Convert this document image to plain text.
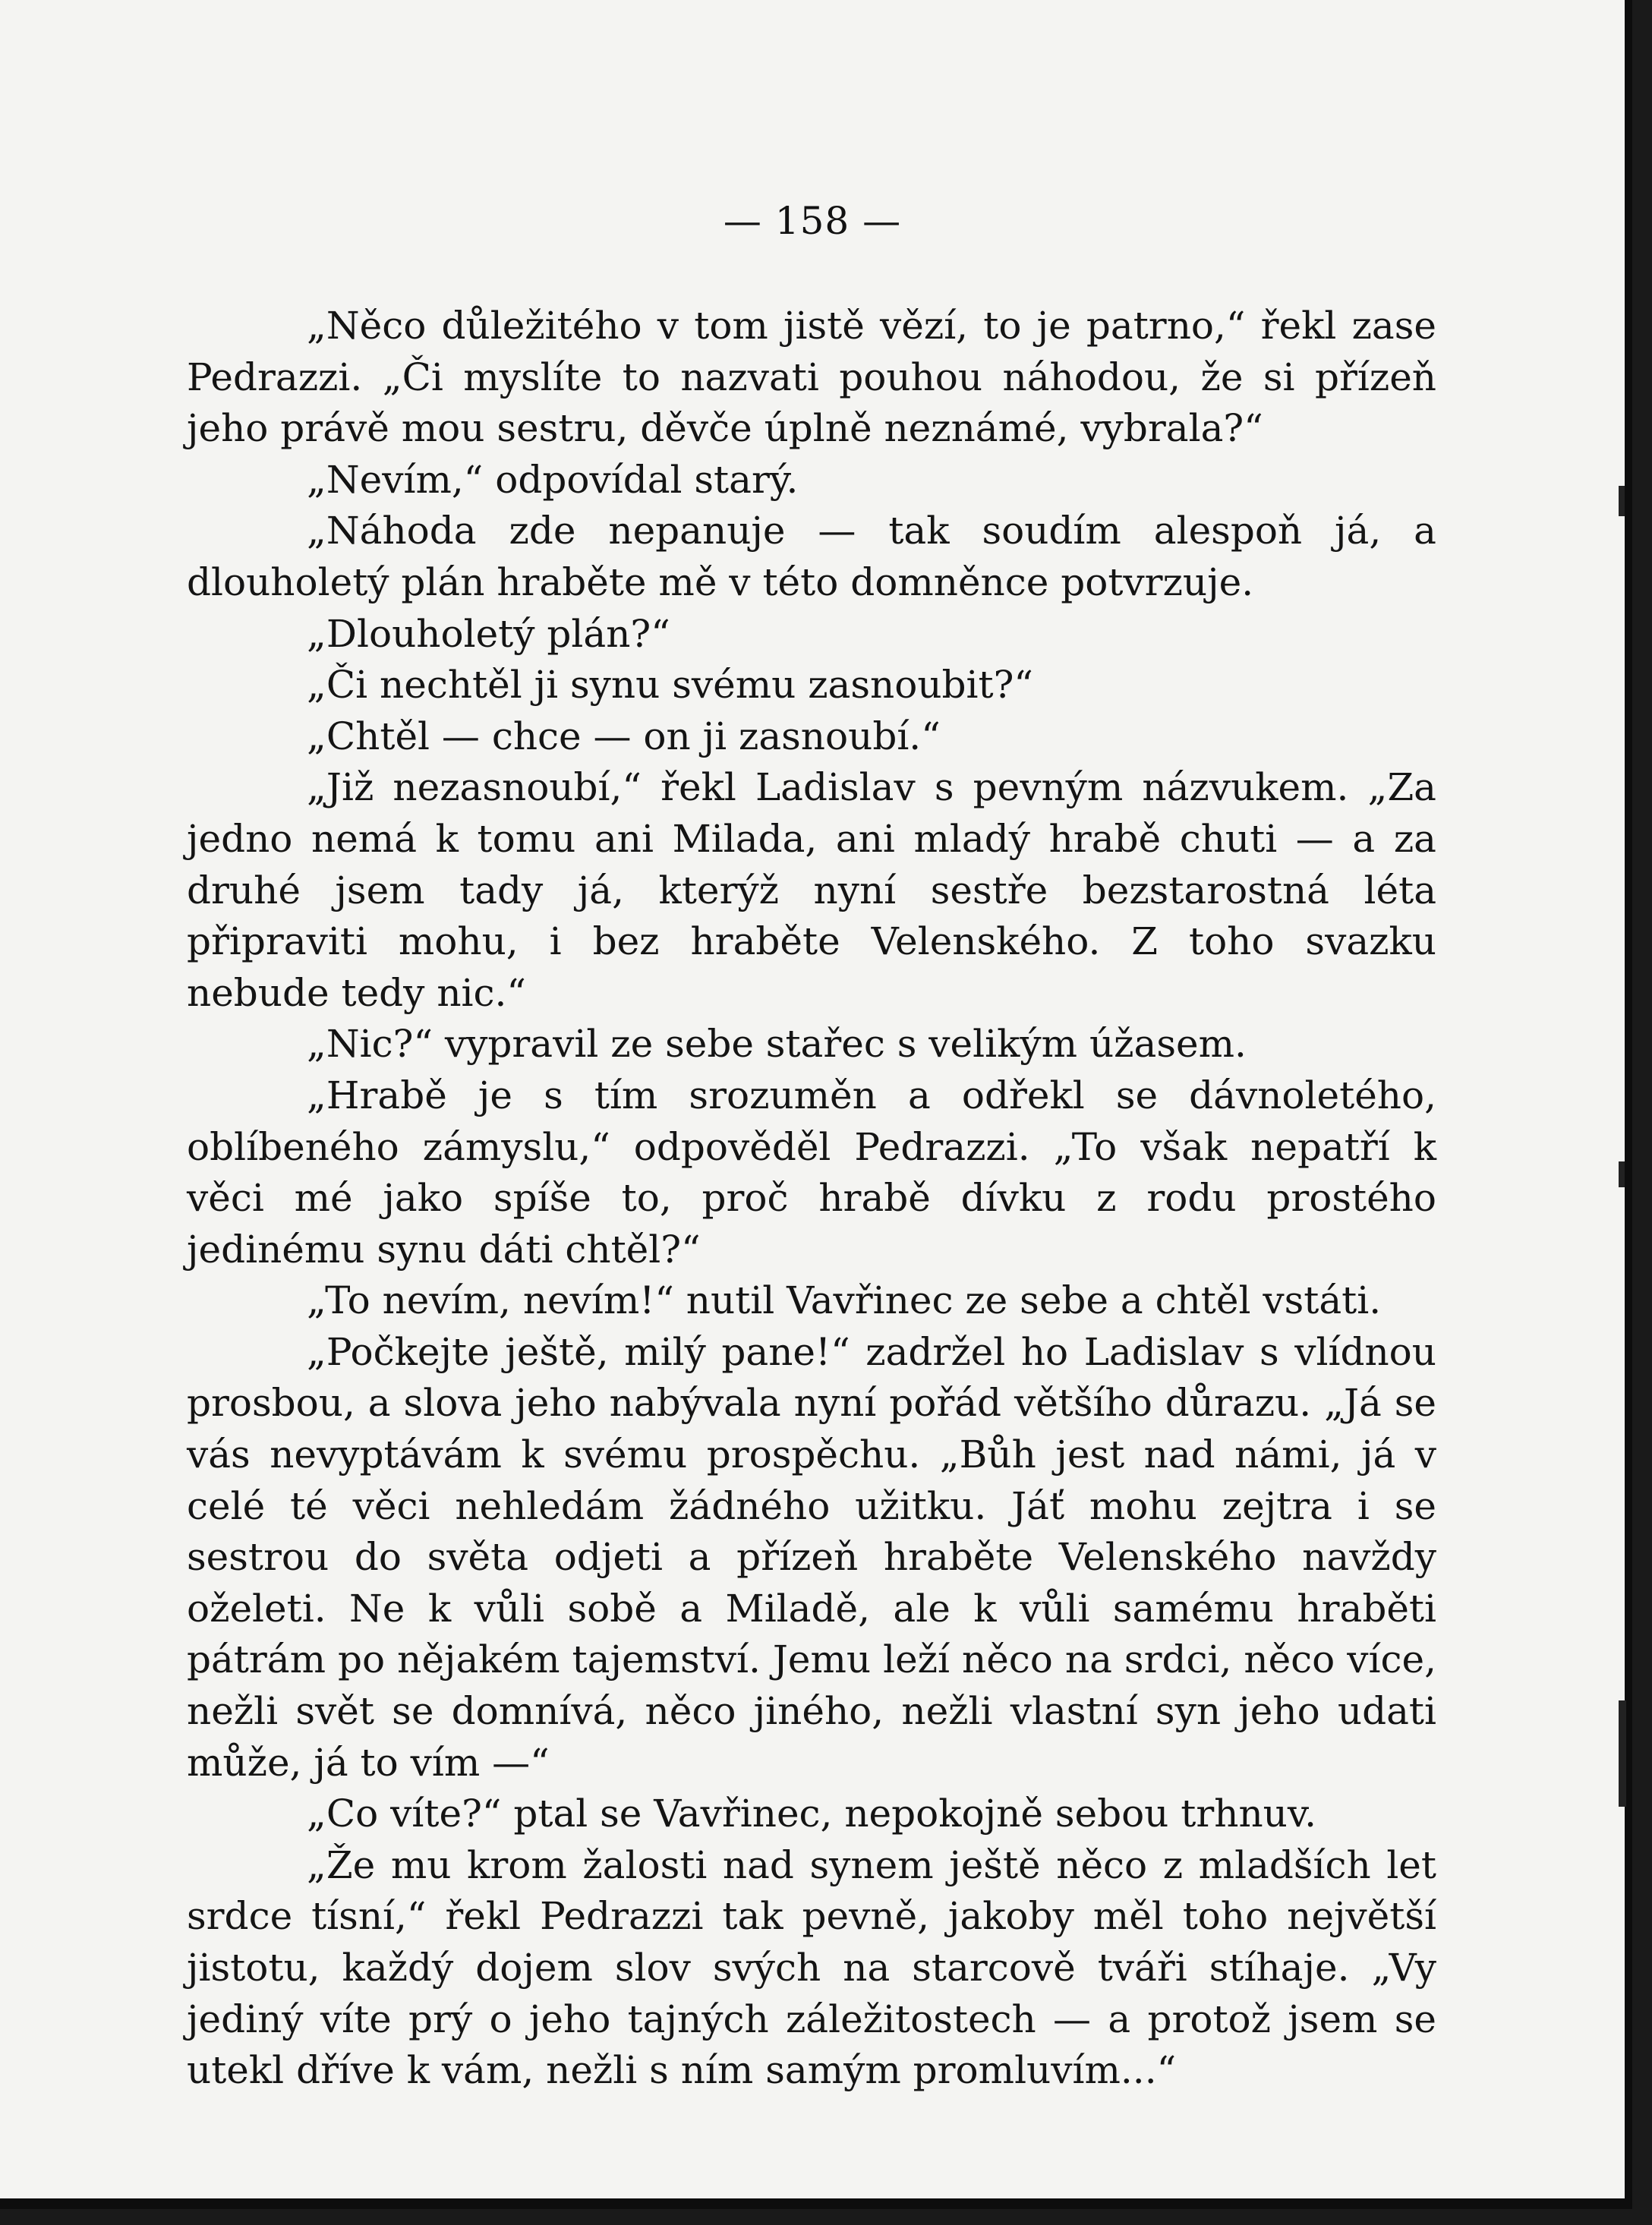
— 158 —

„Něco důležitého v tom jistě vězí, to je patrno,“ řekl zase Pedrazzi. „Či myslíte to nazvati pouhou náhodou, že si přízeň jeho právě mou sestru, děvče úplně neznámé, vybrala?“

„Nevím,“ odpovídal starý.

„Náhoda zde nepanuje — tak soudím alespoň já, a dlouholetý plán hraběte mě v této domněnce potvrzuje.

„Dlouholetý plán?“

„Či nechtěl ji synu svému zasnoubit?“

„Chtěl — chce — on ji zasnoubí.“

„Již nezasnoubí,“ řekl Ladislav s pevným názvukem. „Za jedno nemá k tomu ani Milada, ani mladý hrabě chuti — a za druhé jsem tady já, kterýž nyní sestře bezstarostná léta připraviti mohu, i bez hraběte Velenského. Z toho svazku nebude tedy nic.“

„Nic?“ vypravil ze sebe stařec s velikým úžasem.

„Hrabě je s tím srozuměn a odřekl se dávnoletého, oblíbeného zámyslu,“ odpověděl Pedrazzi. „To však nepatří k věci mé jako spíše to, proč hrabě dívku z rodu prostého jedinému synu dáti chtěl?“

„To nevím, nevím!“ nutil Vavřinec ze sebe a chtěl vstáti.

„Počkejte ještě, milý pane!“ zadržel ho Ladislav s vlídnou prosbou, a slova jeho nabývala nyní pořád většího důrazu. „Já se vás nevyptávám k svému prospěchu. „Bůh jest nad námi, já v celé té věci nehledám žádného užitku. Jáť mohu zejtra i se sestrou do světa odjeti a přízeň hraběte Velenského navždy oželeti. Ne k vůli sobě a Miladě, ale k vůli samému hraběti pátrám po nějakém tajemství. Jemu leží něco na srdci, něco více, nežli svět se domnívá, něco jiného, nežli vlastní syn jeho udati může, já to vím —“

„Co víte?“ ptal se Vavřinec, nepokojně sebou trhnuv.

„Že mu krom žalosti nad synem ještě něco z mladších let srdce tísní,“ řekl Pedrazzi tak pevně, jakoby měl toho největší jistotu, každý dojem slov svých na starcově tváři stíhaje. „Vy jediný víte prý o jeho tajných záležitostech — a protož jsem se utekl dříve k vám, nežli s ním samým promluvím...“
